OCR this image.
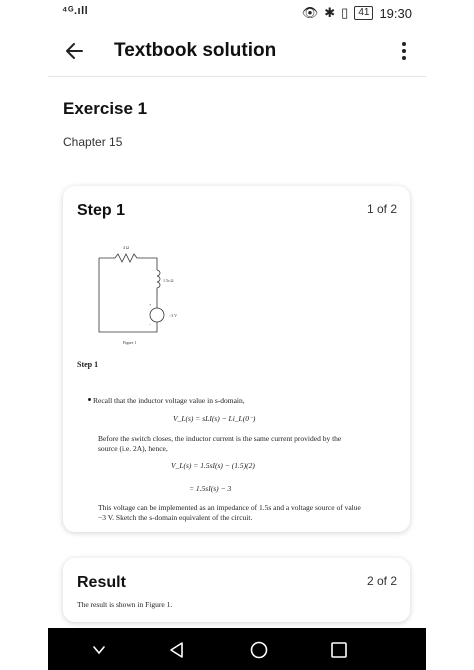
⁴ᴳ.ıll	👁 ✱ ▯	41 19:30
Textbook solution
Exercise 1
Chapter 15
Step 1	1 of 2
4 Ω
1.5s Ω
−3 V
+
−
Figure 1
Step 1
Recall that the inductor voltage value in s-domain,
V_L(s) = sLI(s) − Li_L(0⁻)
Before the switch closes, the inductor current is the same current provided by the source (i.e. 2A), hence,
V_L(s) = 1.5sI(s) − (1.5)(2)
= 1.5sI(s) − 3
This voltage can be implemented as an impedance of 1.5s and a voltage source of value −3 V. Sketch the s-domain equivalent of the circuit.
Result	2 of 2
The result is shown in Figure 1.
